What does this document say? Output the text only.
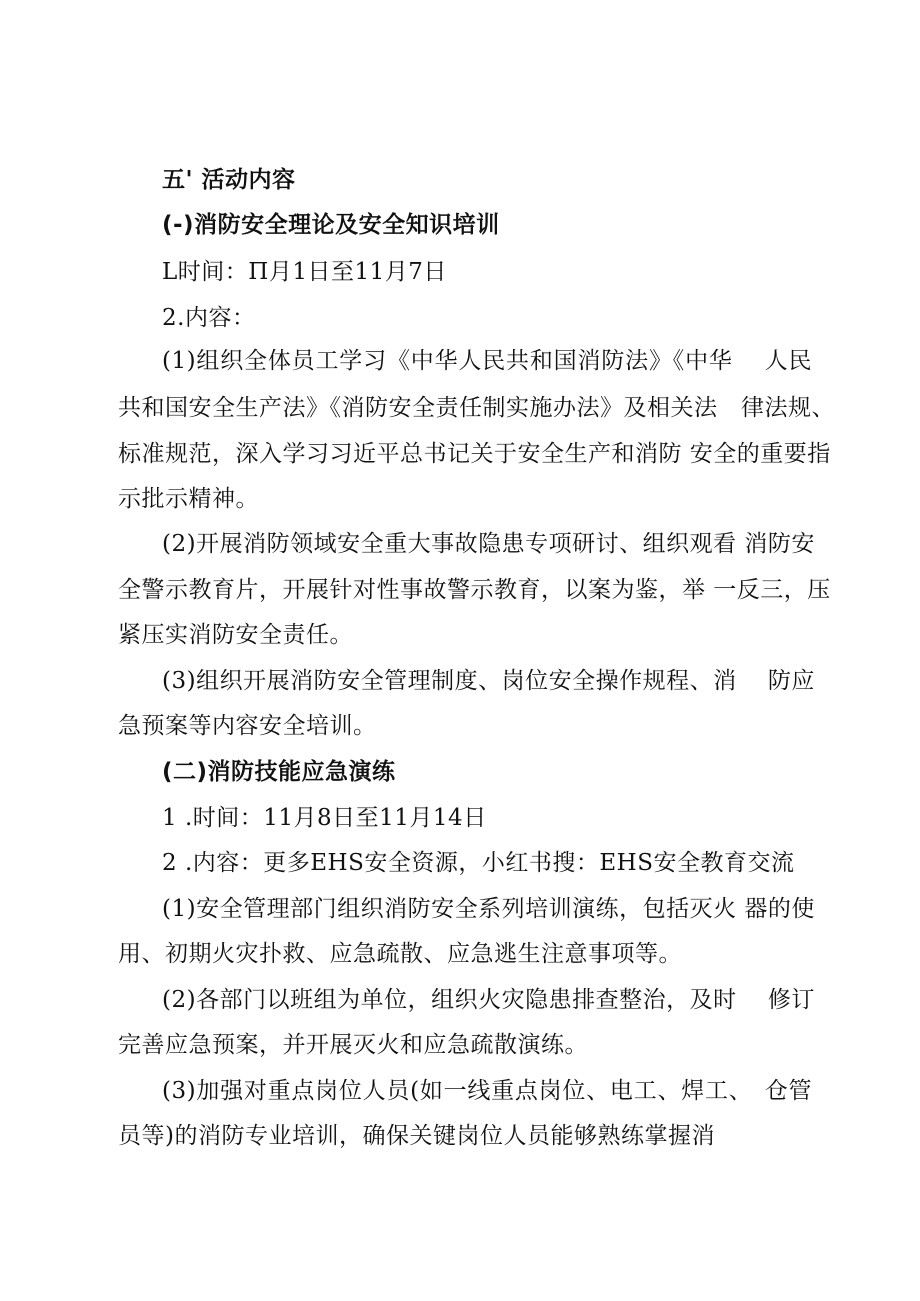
五' 活动内容
(-)消防安全理论及安全知识培训
L时间：Π月1日至11月7日
2.内容：
(1)组织全体员工学习《中华人民共和国消防法》《中华　 人民
共和国安全生产法》《消防安全责任制实施办法》及相关法　律法规、
标准规范，深入学习习近平总书记关于安全生产和消防 安全的重要指
示批示精神。
(2)开展消防领域安全重大事故隐患专项研讨、组织观看 消防安
全警示教育片，开展针对性事故警示教育，以案为鉴，举 一反三，压
紧压实消防安全责任。
(3)组织开展消防安全管理制度、岗位安全操作规程、消　 防应
急预案等内容安全培训。
(二)消防技能应急演练
1 .时间：11月8日至11月14日
2 .内容：更多EHS安全资源，小红书搜：EHS安全教育交流
(1)安全管理部门组织消防安全系列培训演练，包括灭火 器的使
用、初期火灾扑救、应急疏散、应急逃生注意事项等。
(2)各部门以班组为单位，组织火灾隐患排查整治，及时　 修订
完善应急预案，并开展灭火和应急疏散演练。
(3)加强对重点岗位人员(如一线重点岗位、电工、焊工、　仓管
员等)的消防专业培训，确保关键岗位人员能够熟练掌握消
